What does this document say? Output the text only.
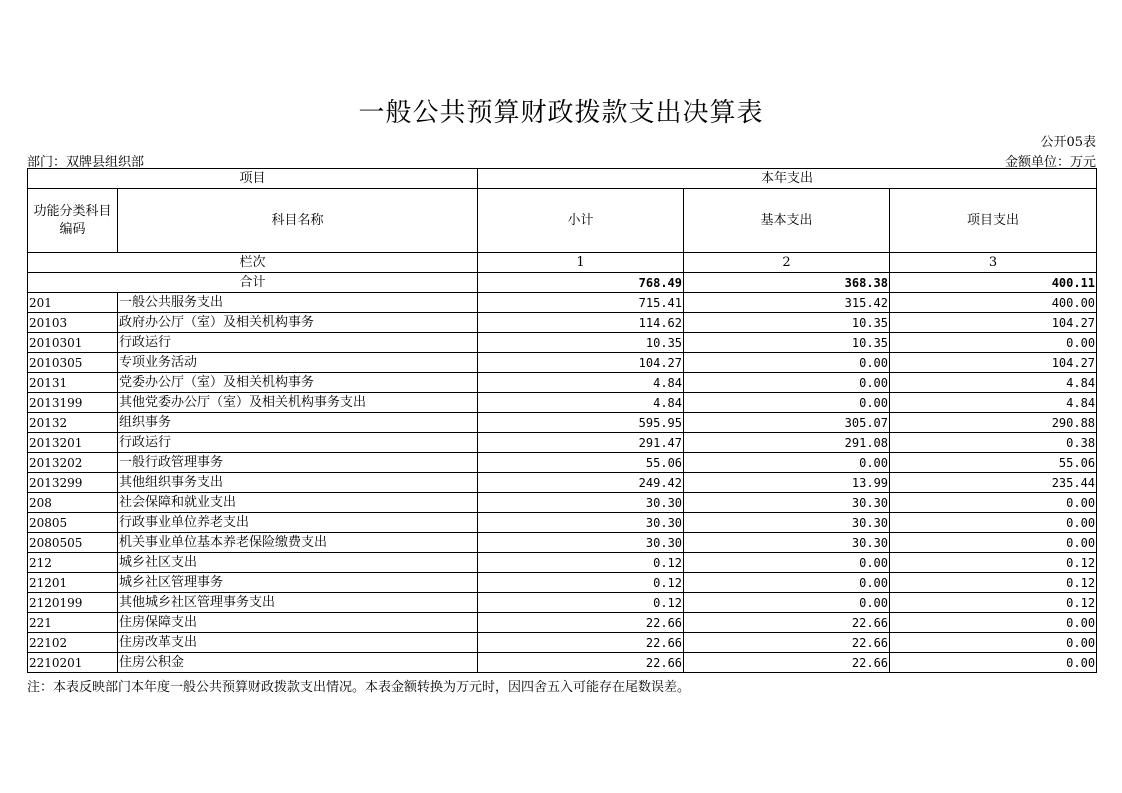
一般公共预算财政拨款支出决算表
公开05表
部门：双牌县组织部	金额单位：万元
项目		本年支出		
功能分类科目编码	科目名称	小计	基本支出	项目支出
栏次		1	2	3
合计		768.49	368.38	400.11
201	一般公共服务支出	715.41	315.42	400.00
20103	政府办公厅（室）及相关机构事务	114.62	10.35	104.27
2010301	行政运行	10.35	10.35	0.00
2010305	专项业务活动	104.27	0.00	104.27
20131	党委办公厅（室）及相关机构事务	4.84	0.00	4.84
2013199	其他党委办公厅（室）及相关机构事务支出	4.84	0.00	4.84
20132	组织事务	595.95	305.07	290.88
2013201	行政运行	291.47	291.08	0.38
2013202	一般行政管理事务	55.06	0.00	55.06
2013299	其他组织事务支出	249.42	13.99	235.44
208	社会保障和就业支出	30.30	30.30	0.00
20805	行政事业单位养老支出	30.30	30.30	0.00
2080505	机关事业单位基本养老保险缴费支出	30.30	30.30	0.00
212	城乡社区支出	0.12	0.00	0.12
21201	城乡社区管理事务	0.12	0.00	0.12
2120199	其他城乡社区管理事务支出	0.12	0.00	0.12
221	住房保障支出	22.66	22.66	0.00
22102	住房改革支出	22.66	22.66	0.00
2210201	住房公积金	22.66	22.66	0.00
注：本表反映部门本年度一般公共预算财政拨款支出情况。本表金额转换为万元时，因四舍五入可能存在尾数误差。
